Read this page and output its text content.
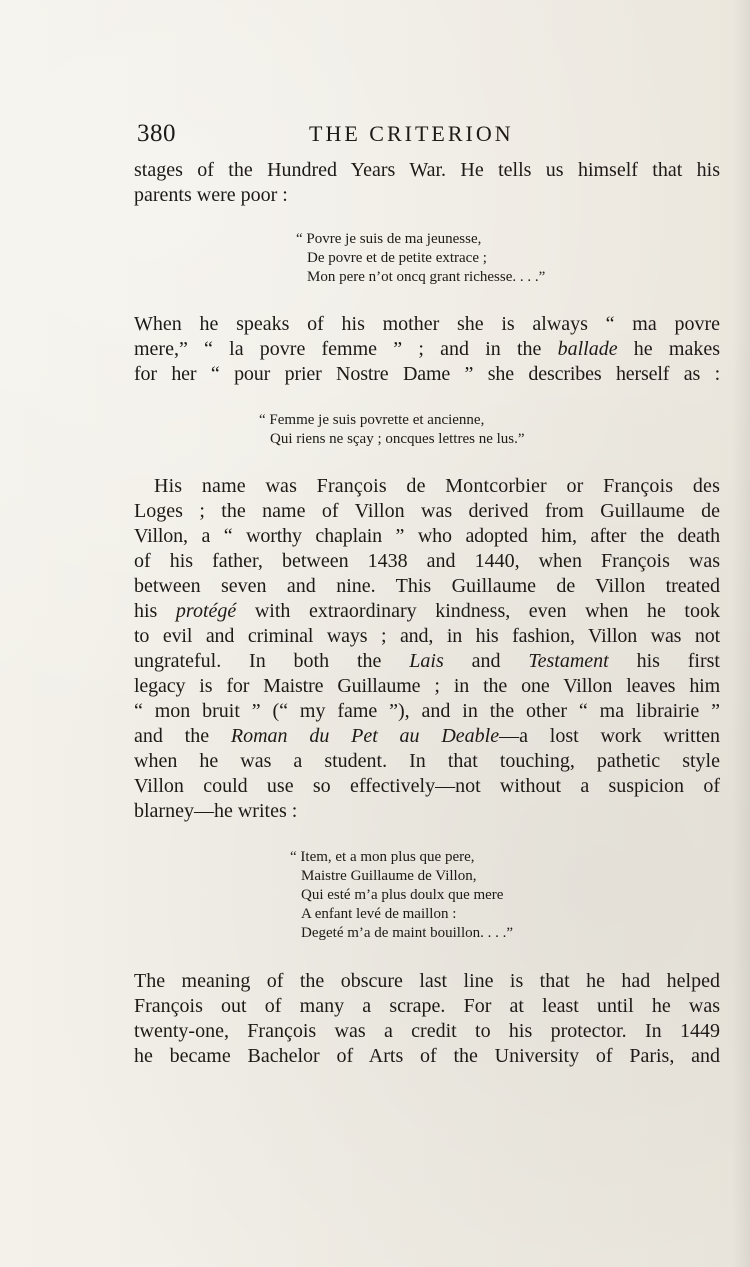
380	THE CRITERION
stages of the Hundred Years War. He tells us himself that his
parents were poor :
“ Povre je suis de ma jeunesse,
De povre et de petite extrace ;
Mon pere n’ot oncq grant richesse. . . .”
When he speaks of his mother she is always “ ma povre
mere,” “ la povre femme ” ; and in the ballade he makes
for her “ pour prier Nostre Dame ” she describes herself as :
“ Femme je suis povrette et ancienne,
Qui riens ne sçay ; oncques lettres ne lus.”
His name was François de Montcorbier or François des
Loges ; the name of Villon was derived from Guillaume de
Villon, a “ worthy chaplain ” who adopted him, after the death
of his father, between 1438 and 1440, when François was
between seven and nine. This Guillaume de Villon treated
his protégé with extraordinary kindness, even when he took
to evil and criminal ways ; and, in his fashion, Villon was not
ungrateful. In both the Lais and Testament his first
legacy is for Maistre Guillaume ; in the one Villon leaves him
“ mon bruit ” (“ my fame ”), and in the other “ ma librairie ”
and the Roman du Pet au Deable—a lost work written
when he was a student. In that touching, pathetic style
Villon could use so effectively—not without a suspicion of
blarney—he writes :
“ Item, et a mon plus que pere,
Maistre Guillaume de Villon,
Qui esté m’a plus doulx que mere
A enfant levé de maillon :
Degeté m’a de maint bouillon. . . .”
The meaning of the obscure last line is that he had helped
François out of many a scrape. For at least until he was
twenty-one, François was a credit to his protector. In 1449
he became Bachelor of Arts of the University of Paris, and
